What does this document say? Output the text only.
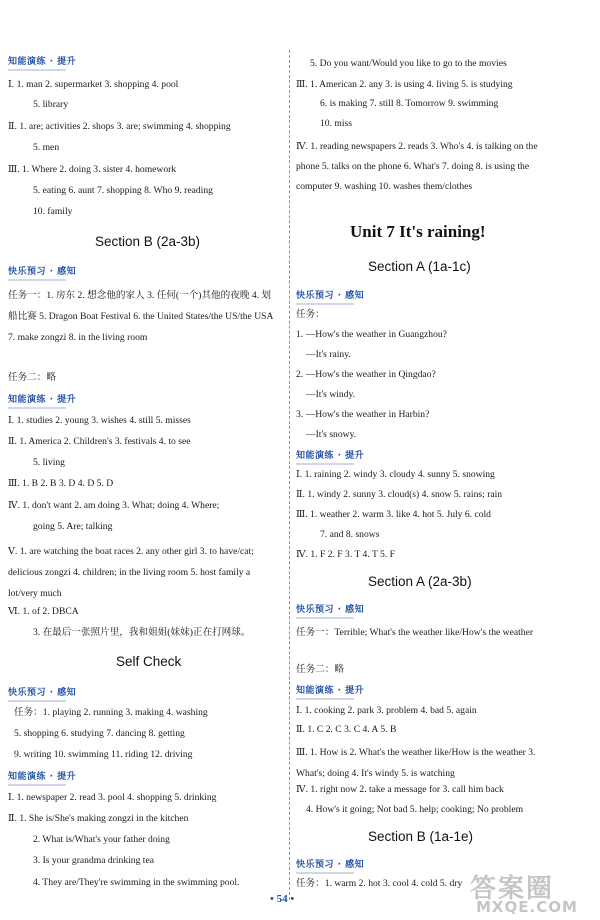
知能演练 · 提升
Ⅰ. 1. man 2. supermarket 3. shopping 4. pool
5. library
Ⅱ. 1. are; activities 2. shops 3. are; swimming 4. shopping
5. men
Ⅲ. 1. Where 2. doing 3. sister 4. homework
5. eating 6. aunt 7. shopping 8. Who 9. reading
10. family
Section B (2a-3b)
快乐预习 · 感知
任务一：1. 房东 2. 想念他的家人 3. 任何(一个)其他的夜晚 4. 划船比赛 5. Dragon Boat Festival 6. the United States/the US/the USA 7. make zongzi 8. in the living room
任务二：略
知能演练 · 提升
Ⅰ. 1. studies 2. young 3. wishes 4. still 5. misses
Ⅱ. 1. America 2. Children's 3. festivals 4. to see
5. living
Ⅲ. 1. B 2. B 3. D 4. D 5. D
Ⅳ. 1. don't want 2. am doing 3. What; doing 4. Where;
going 5. Are; talking
Ⅴ. 1. are watching the boat races 2. any other girl 3. to have/cat; delicious zongzi 4. children; in the living room 5. host family a lot/very much
Ⅵ. 1. of 2. DBCA
3. 在最后一张照片里，我和姐姐(妹妹)正在打网球。
Self Check
快乐预习 · 感知
任务：1. playing 2. running 3. making 4. washing
5. shopping 6. studying 7. dancing 8. getting
9. writing 10. swimming 11. riding 12. driving
知能演练 · 提升
Ⅰ. 1. newspaper 2. read 3. pool 4. shopping 5. drinking
Ⅱ. 1. She is/She's making zongzi in the kitchen
2. What is/What's your father doing
3. Is your grandma drinking tea
4. They are/They're swimming in the swimming pool.
5. Do you want/Would you like to go to the movies
Ⅲ. 1. American 2. any 3. is using 4. living 5. is studying
6. is making 7. still 8. Tomorrow 9. swimming
10. miss
Ⅳ. 1. reading newspapers 2. reads 3. Who's 4. is talking on the phone 5. talks on the phone 6. What's 7. doing 8. is using the computer 9. washing 10. washes them/clothes
Unit 7 It's raining!
Section A (1a-1c)
快乐预习 · 感知
任务：
1. —How's the weather in Guangzhou?
—It's rainy.
2. —How's the weather in Qingdao?
—It's windy.
3. —How's the weather in Harbin?
—It's snowy.
知能演练 · 提升
Ⅰ. 1. raining 2. windy 3. cloudy 4. sunny 5. snowing
Ⅱ. 1. windy 2. sunny 3. cloud(s) 4. snow 5. rains; rain
Ⅲ. 1. weather 2. warm 3. like 4. hot 5. July 6. cold
7. and 8. snows
Ⅳ. 1. F 2. F 3. T 4. T 5. F
Section A (2a-3b)
快乐预习 · 感知
任务一：Terrible; What's the weather like/How's the weather
任务二：略
知能演练 · 提升
Ⅰ. 1. cooking 2. park 3. problem 4. bad 5. again
Ⅱ. 1. C 2. C 3. C 4. A 5. B
Ⅲ. 1. How is 2. What's the weather like/How is the weather 3. What's; doing 4. It's windy 5. is watching
Ⅳ. 1. right now 2. take a message for 3. call him back
4. How's it going; Not bad 5. help; cooking; No problem
Section B (1a-1e)
快乐预习 · 感知
任务：1. warm 2. hot 3. cool 4. cold 5. dry
• 54 •	答案圈
MXQE.COM
